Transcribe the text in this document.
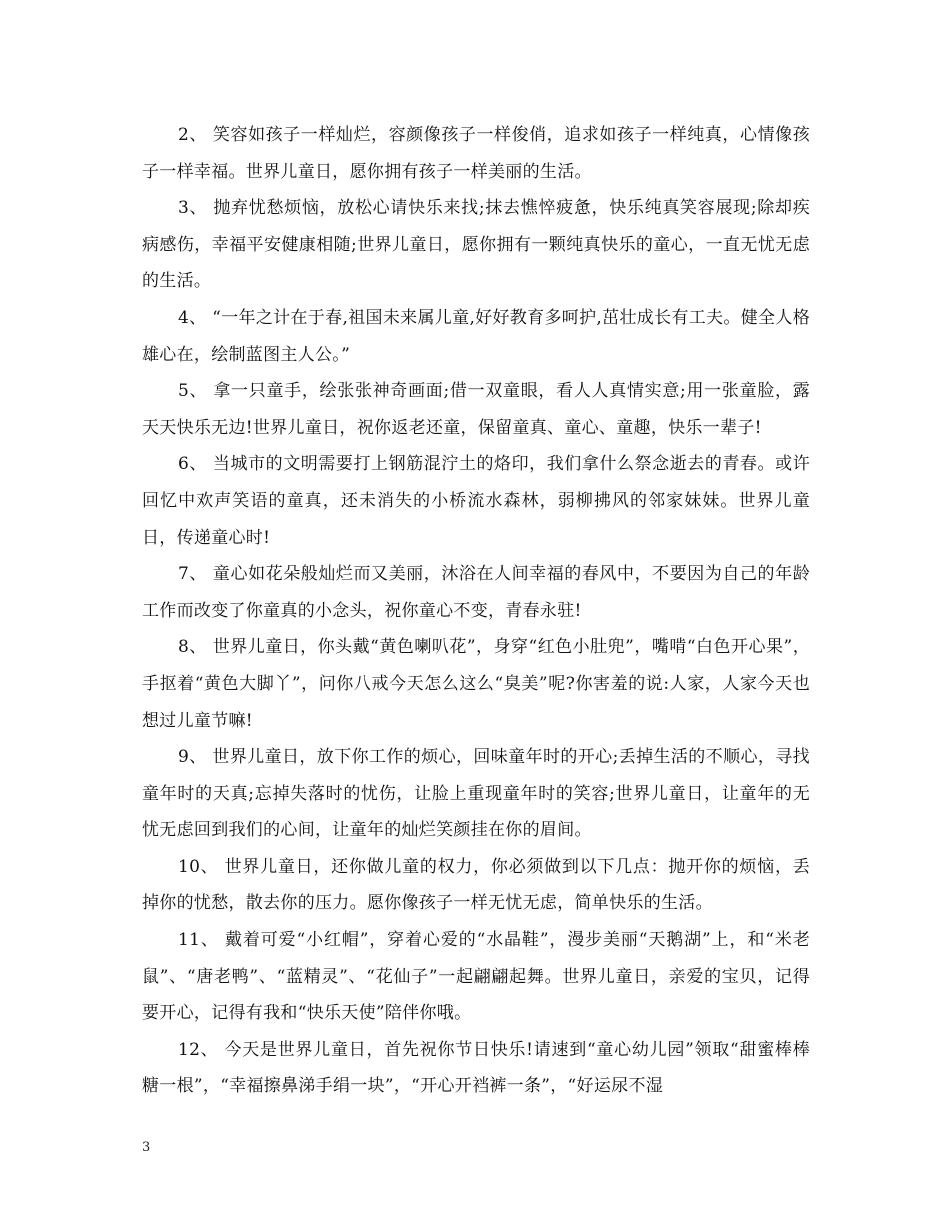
2、 笑容如孩子一样灿烂，容颜像孩子一样俊俏，追求如孩子一样纯真，心情像孩子一样幸福。世界儿童日，愿你拥有孩子一样美丽的生活。

3、 抛弃忧愁烦恼，放松心请快乐来找;抹去憔悴疲惫，快乐纯真笑容展现;除却疾病感伤，幸福平安健康相随;世界儿童日，愿你拥有一颗纯真快乐的童心，一直无忧无虑的生活。

4、 “一年之计在于春,祖国未来属儿童,好好教育多呵护,茁壮成长有工夫。健全人格雄心在，绘制蓝图主人公。”

5、 拿一只童手，绘张张神奇画面;借一双童眼，看人人真情实意;用一张童脸，露天天快乐无边!世界儿童日，祝你返老还童，保留童真、童心、童趣，快乐一辈子!

6、 当城市的文明需要打上钢筋混泞土的烙印，我们拿什么祭念逝去的青春。或许回忆中欢声笑语的童真，还未消失的小桥流水森林，弱柳拂风的邻家妹妹。世界儿童日，传递童心时!

7、 童心如花朵般灿烂而又美丽，沐浴在人间幸福的春风中，不要因为自己的年龄工作而改变了你童真的小念头，祝你童心不变，青春永驻!

8、 世界儿童日，你头戴“黄色喇叭花”，身穿“红色小肚兜”，嘴啃“白色开心果”，手抠着“黄色大脚丫”，问你八戒今天怎么这么“臭美”呢?你害羞的说:人家，人家今天也想过儿童节嘛!

9、 世界儿童日，放下你工作的烦心，回味童年时的开心;丢掉生活的不顺心，寻找童年时的天真;忘掉失落时的忧伤，让脸上重现童年时的笑容;世界儿童日，让童年的无忧无虑回到我们的心间，让童年的灿烂笑颜挂在你的眉间。

10、 世界儿童日，还你做儿童的权力，你必须做到以下几点：抛开你的烦恼，丢掉你的忧愁，散去你的压力。愿你像孩子一样无忧无虑，简单快乐的生活。

11、 戴着可爱“小红帽”，穿着心爱的“水晶鞋”，漫步美丽“天鹅湖”上，和“米老鼠”、“唐老鸭”、“蓝精灵”、“花仙子”一起翩翩起舞。世界儿童日，亲爱的宝贝，记得要开心，记得有我和“快乐天使”陪伴你哦。

12、 今天是世界儿童日，首先祝你节日快乐!请速到“童心幼儿园”领取“甜蜜棒棒糖一根”，“幸福擦鼻涕手绢一块”，“开心开裆裤一条”，“好运尿不湿

3
